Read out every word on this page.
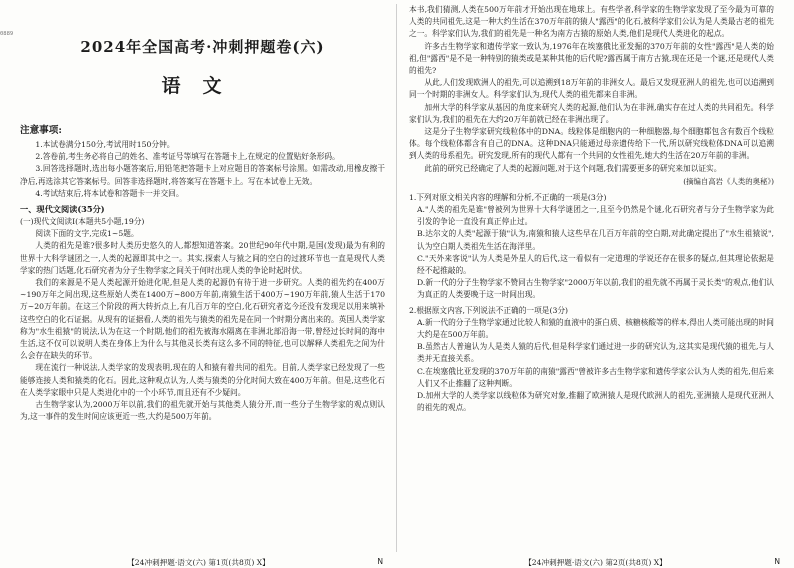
0889
2024年全国高考·冲刺押题卷(六)
语文
注意事项:

1.本试卷满分150分,考试用时150分钟。

2.答卷前,考生务必将自己的姓名、准考证号等填写在答题卡上,在规定的位置贴好条形码。

3.回答选择题时,选出每小题答案后,用铅笔把答题卡上对应题目的答案标号涂黑。如需改动,用橡皮擦干净后,再选涂其它答案标号。回答非选择题时,将答案写在答题卡上。写在本试卷上无效。

4.考试结束后,将本试卷和答题卡一并交回。

一、现代文阅读(35分)

(一)现代文阅读Ⅰ(本题共5小题,19分)

阅读下面的文字,完成1~5题。

人类的祖先是谁?很多时人类历史悠久的人,都想知道答案。20世纪90年代中期,是国(发现)最为有利的世界十大科学谜团之一,人类的起源即其中之一。其实,探索人与猿之间的空白的过渡环节也一直是现代人类学家的热门话题,化石研究者为分子生物学家之间关于何时出现人类的争论时起时伏。

我们的来源是不是人类起源开始进化呢,但是人类的起源仍有待于进一步研究。人类的祖先约在400万~190万年之间出现,这些原始人类在1400万~800万年前,南猿生活于400万~190万年前,猿人生活于170万~20万年前。在这三个阶段的两大转折点上,有几百万年的空白,化石研究者迄今还没有发现足以用来填补这些空白的化石证据。从现有的证据看,人类的祖先与猿类的祖先是在同一个时期分离出来的。英国人类学家称为"水生祖猿"的说法,认为在这一个时期,他们的祖先被海水隔离在非洲北部沿海一带,曾经过长时间的海中生活,这不仅可以说明人类在身体上为什么与其他灵长类有这么多不同的特征,也可以解释人类祖先之间为什么会存在缺失的环节。

现在流行一种说法,人类学家的发现表明,现在的人和猿有着共同的祖先。目前,人类学家已经发现了一些能够连接人类和猿类的化石。因此,这种观点认为,人类与猿类的分化时间大致在400万年前。但是,这些化石在人类学家眼中只是人类进化中的一个小环节,而且还有不少疑问。

古生物学家认为,2000万年以前,我们的祖先就开始与其他类人猿分开,而一些分子生物学家的观点则认为,这一事件的发生时间应该更近一些,大约是500万年前。

【24冲刺押题·语文(六) 第1页(共8页) X】	N

本书,我们猜测,人类在500万年前才开始出现在地球上。有些学者,科学家的生物学家发现了至今最为可靠的人类的共同祖先,这是一种大约生活在370万年前的猿人"露西"的化石,被科学家们公认为是人类最古老的祖先之一。科学家们认为,我们的祖先是一种名为南方古猿的原始人类,他们是现代人类进化的起点。

许多古生物学家和遗传学家一致认为,1976年在埃塞俄比亚发掘的370万年前的女性"露西"是人类的始祖,但"露西"是不是一种特别的猿类或是某种其他的后代呢?露西属于南方古猿,现在还是一个谜,还是现代人类的祖先?

从此,人们发现欧洲人的祖先,可以追溯到18万年前的非洲女人。最后又发现亚洲人的祖先,也可以追溯到同一个时期的非洲女人。科学家们认为,现代人类的祖先都来自非洲。

加州大学的科学家从基因的角度来研究人类的起源,他们认为在非洲,确实存在过人类的共同祖先。科学家们认为,我们的祖先在大约20万年前就已经在非洲出现了。

这是分子生物学家研究线粒体中的DNA。线粒体是细胞内的一种细胞器,每个细胞都包含有数百个线粒体。每个线粒体都含有自己的DNA。这种DNA只能通过母亲遗传给下一代,所以研究线粒体DNA可以追溯到人类的母系祖先。研究发现,所有的现代人都有一个共同的女性祖先,她大约生活在20万年前的非洲。

此前的研究已经确定了人类的起源问题,对于这个问题,我们需要更多的研究来加以证实。

(摘编自高岩《人类的奥秘》)

1.下列对原文相关内容的理解和分析,不正确的一项是(3分)

A."人类的祖先是谁"曾被列为世界十大科学谜团之一,且至今仍然是个谜,化石研究者与分子生物学家为此引发的争论一直没有真正停止过。

B.达尔文的人类"起源于猿"认为,南猿和猿人这些早在几百万年前的空白期,对此确定提出了"水生祖猿说",认为空白期人类祖先生活在海洋里。

C."天外来客说"认为人类是外星人的后代,这一看似有一定道理的学说还存在很多的疑点,但其理论依据是经不起推敲的。

D.新一代的分子生物学家不赞同古生物学家"2000万年以前,我们的祖先就不再属于灵长类"的观点,他们认为真正的人类要晚于这一时间出现。

2.根据原文内容,下列说法不正确的一项是(3分)

A.新一代的分子生物学家通过比较人和猿的血液中的蛋白质、核糖核酸等的样本,得出人类可能出现的时间大约是在500万年前。

B.虽然古人普遍认为人是类人猿的后代,但是科学家们通过进一步的研究认为,这其实是现代猿的祖先,与人类并无直接关系。

C.在埃塞俄比亚发现的370万年前的南猿"露西"曾被许多古生物学家和遗传学家公认为人类的祖先,但后来人们又不止推翻了这种判断。

D.加州大学的人类学家以线粒体为研究对象,推翻了欧洲猿人是现代欧洲人的祖先,亚洲猿人是现代亚洲人的祖先的观点。

【24冲刺押题·语文(六) 第2页(共8页) X】	N
